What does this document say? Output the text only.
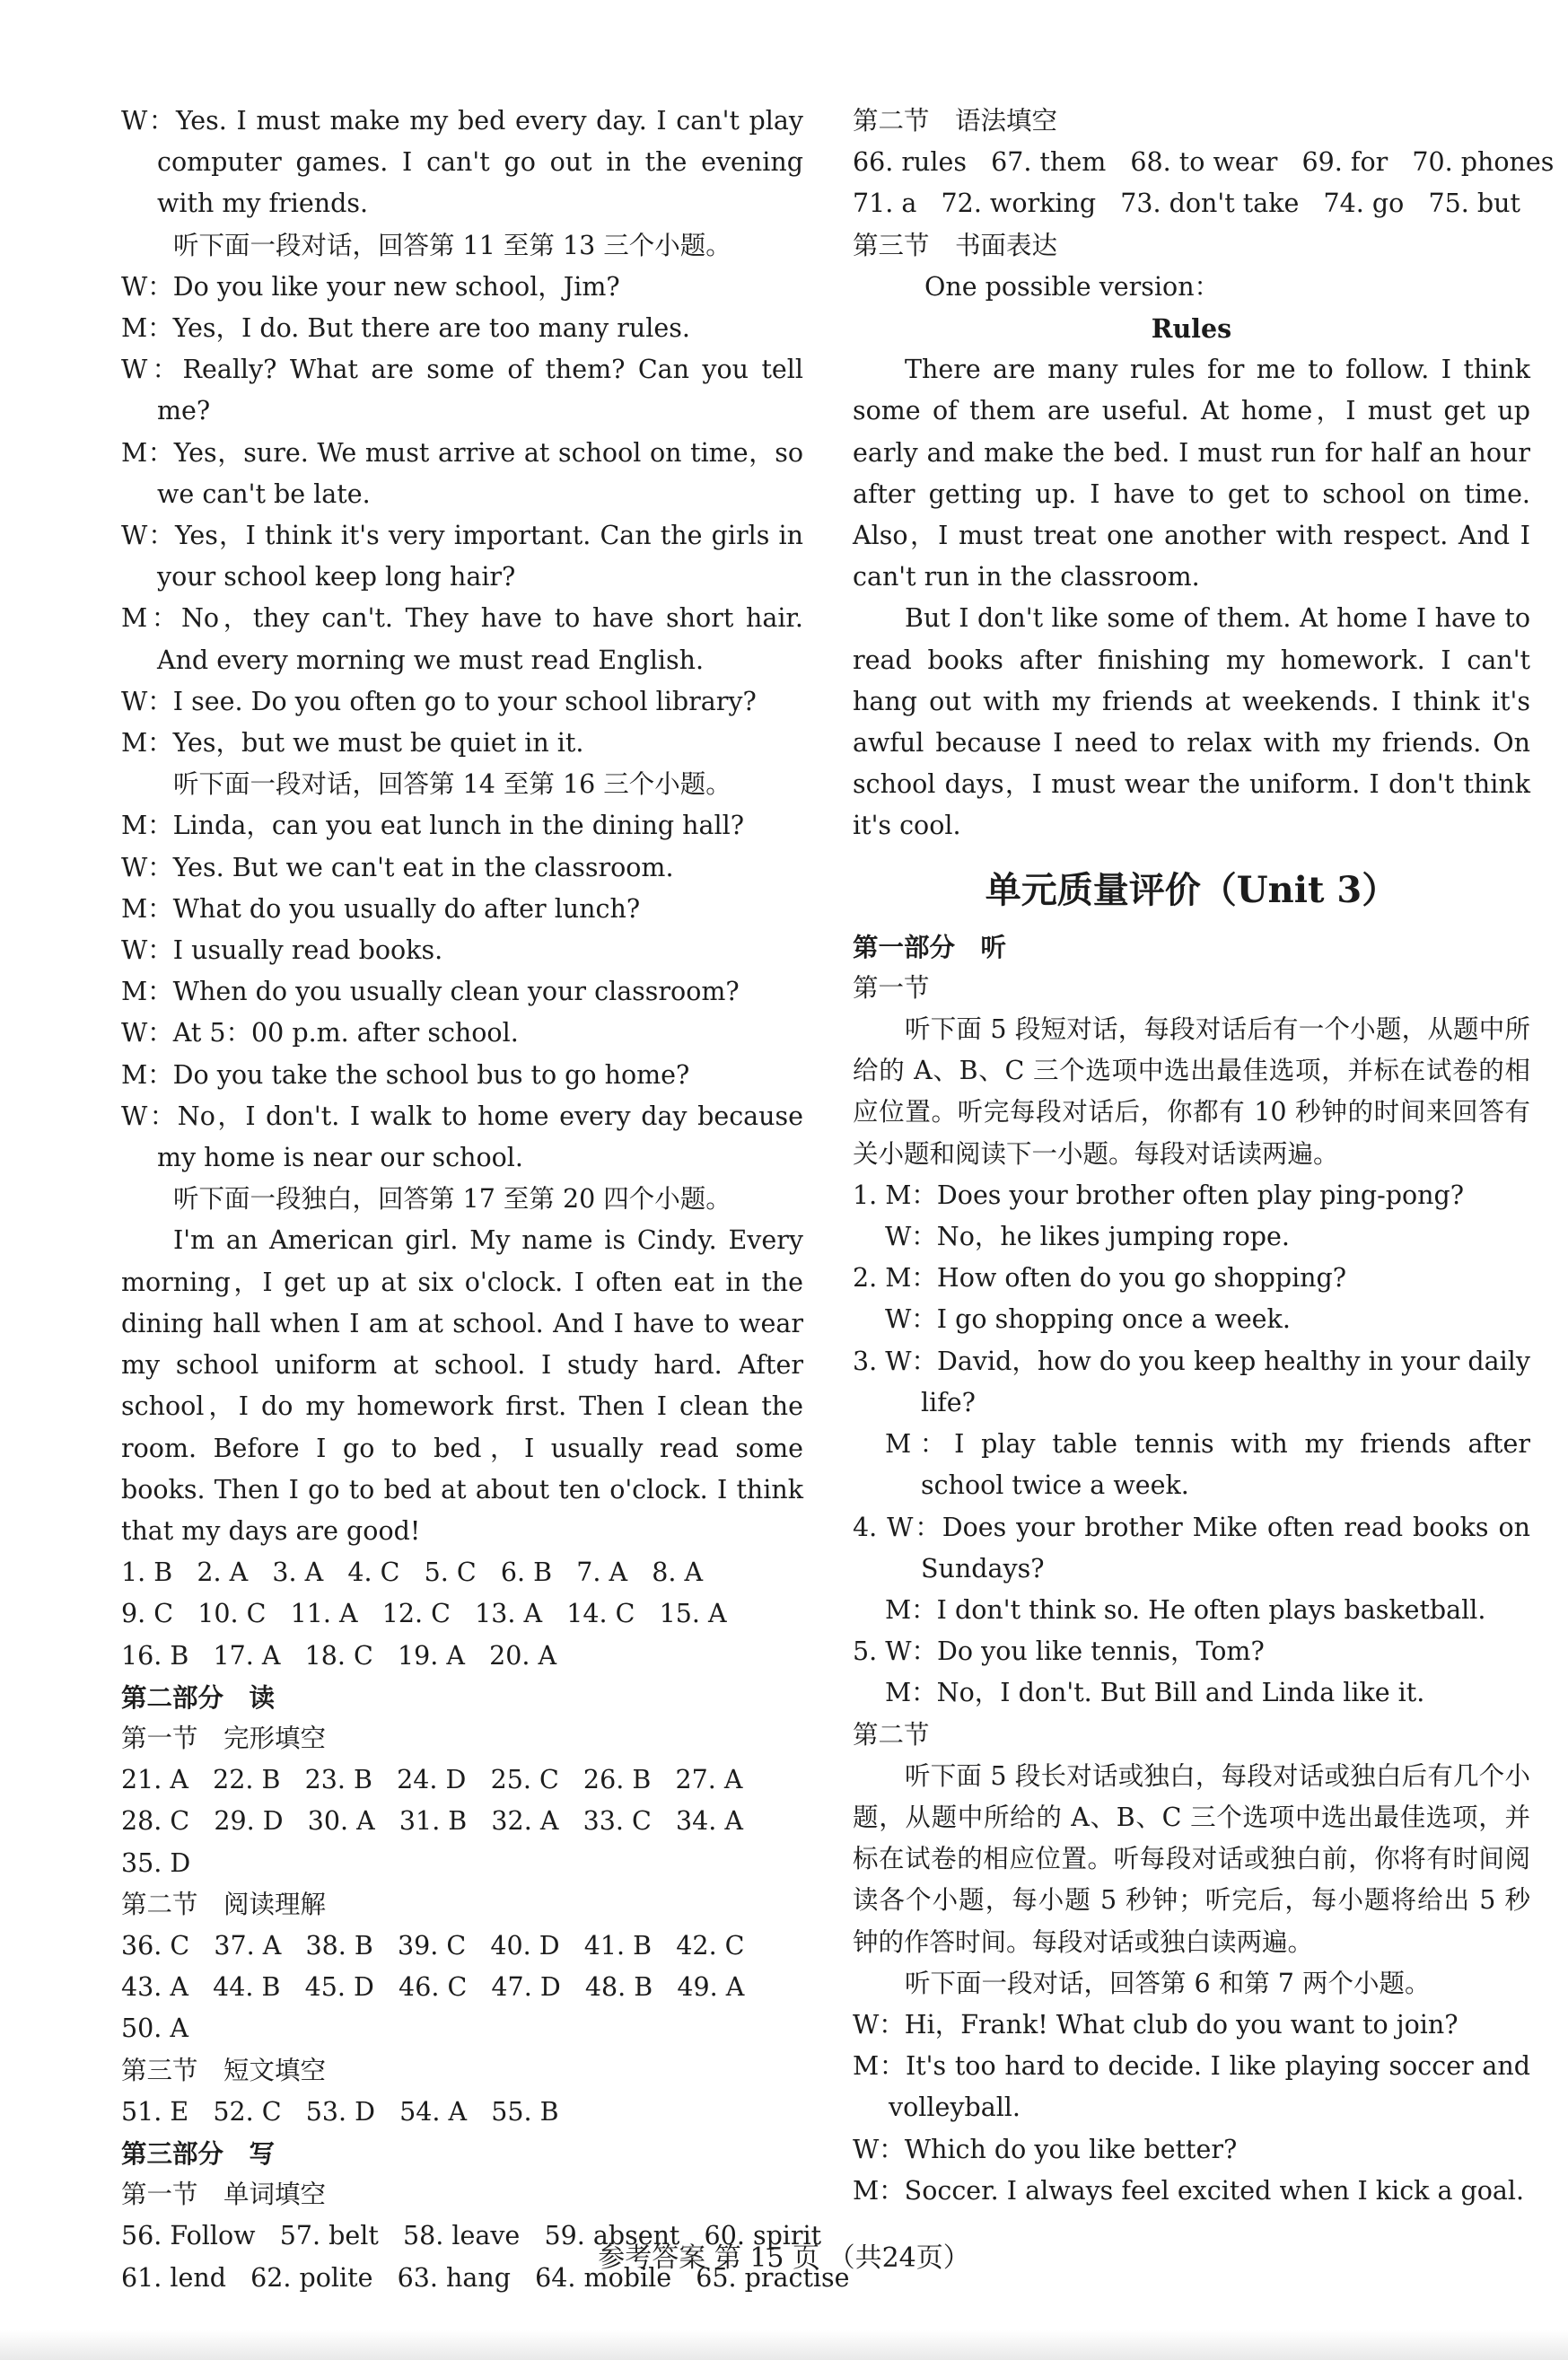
W：Yes. I must make my bed every day. I can't play computer games. I can't go out in the evening with my friends.
听下面一段对话，回答第 11 至第 13 三个小题。
W：Do you like your new school，Jim?
M：Yes，I do. But there are too many rules.
W：Really? What are some of them? Can you tell me?
M：Yes，sure. We must arrive at school on time，so we can't be late.
W：Yes，I think it's very important. Can the girls in your school keep long hair?
M：No，they can't. They have to have short hair. And every morning we must read English.
W：I see. Do you often go to your school library?
M：Yes，but we must be quiet in it.
听下面一段对话，回答第 14 至第 16 三个小题。
M：Linda，can you eat lunch in the dining hall?
W：Yes. But we can't eat in the classroom.
M：What do you usually do after lunch?
W：I usually read books.
M：When do you usually clean your classroom?
W：At 5：00 p.m. after school.
M：Do you take the school bus to go home?
W：No，I don't. I walk to home every day because my home is near our school.
听下面一段独白，回答第 17 至第 20 四个小题。
I'm an American girl. My name is Cindy. Every morning，I get up at six o'clock. I often eat in the dining hall when I am at school. And I have to wear my school uniform at school. I study hard. After school，I do my homework first. Then I clean the room. Before I go to bed，I usually read some books. Then I go to bed at about ten o'clock. I think that my days are good!
1. B   2. A   3. A   4. C   5. C   6. B   7. A   8. A
9. C   10. C   11. A   12. C   13. A   14. C   15. A
16. B   17. A   18. C   19. A   20. A
第二部分　读
第一节　完形填空
21. A   22. B   23. B   24. D   25. C   26. B   27. A
28. C   29. D   30. A   31. B   32. A   33. C   34. A
35. D
第二节　阅读理解
36. C   37. A   38. B   39. C   40. D   41. B   42. C
43. A   44. B   45. D   46. C   47. D   48. B   49. A
50. A
第三节　短文填空
51. E   52. C   53. D   54. A   55. B
第三部分　写
第一节　单词填空
56. Follow   57. belt   58. leave   59. absent   60. spirit
61. lend   62. polite   63. hang   64. mobile   65. practise
第二节　语法填空
66. rules   67. them   68. to wear   69. for   70. phones
71. a   72. working   73. don't take   74. go   75. but
第三节　书面表达
One possible version：
Rules
There are many rules for me to follow. I think some of them are useful. At home，I must get up early and make the bed. I must run for half an hour after getting up. I have to get to school on time. Also，I must treat one another with respect. And I can't run in the classroom.
But I don't like some of them. At home I have to read books after finishing my homework. I can't hang out with my friends at weekends. I think it's awful because I need to relax with my friends. On school days，I must wear the uniform. I don't think it's cool.
单元质量评价（Unit 3）
第一部分　听
第一节
听下面 5 段短对话，每段对话后有一个小题，从题中所给的 A、B、C 三个选项中选出最佳选项，并标在试卷的相应位置。听完每段对话后，你都有 10 秒钟的时间来回答有关小题和阅读下一小题。每段对话读两遍。
1. M：Does your brother often play ping-pong?
W：No，he likes jumping rope.
2. M：How often do you go shopping?
W：I go shopping once a week.
3. W：David，how do you keep healthy in your daily life?
M：I play table tennis with my friends after school twice a week.
4. W：Does your brother Mike often read books on Sundays?
M：I don't think so. He often plays basketball.
5. W：Do you like tennis，Tom?
M：No，I don't. But Bill and Linda like it.
第二节
听下面 5 段长对话或独白，每段对话或独白后有几个小题，从题中所给的 A、B、C 三个选项中选出最佳选项，并标在试卷的相应位置。听每段对话或独白前，你将有时间阅读各个小题，每小题 5 秒钟；听完后，每小题将给出 5 秒钟的作答时间。每段对话或独白读两遍。
听下面一段对话，回答第 6 和第 7 两个小题。
W：Hi，Frank! What club do you want to join?
M：It's too hard to decide. I like playing soccer and volleyball.
W：Which do you like better?
M：Soccer. I always feel excited when I kick a goal.
参考答案 第 15 页 （共24页）
